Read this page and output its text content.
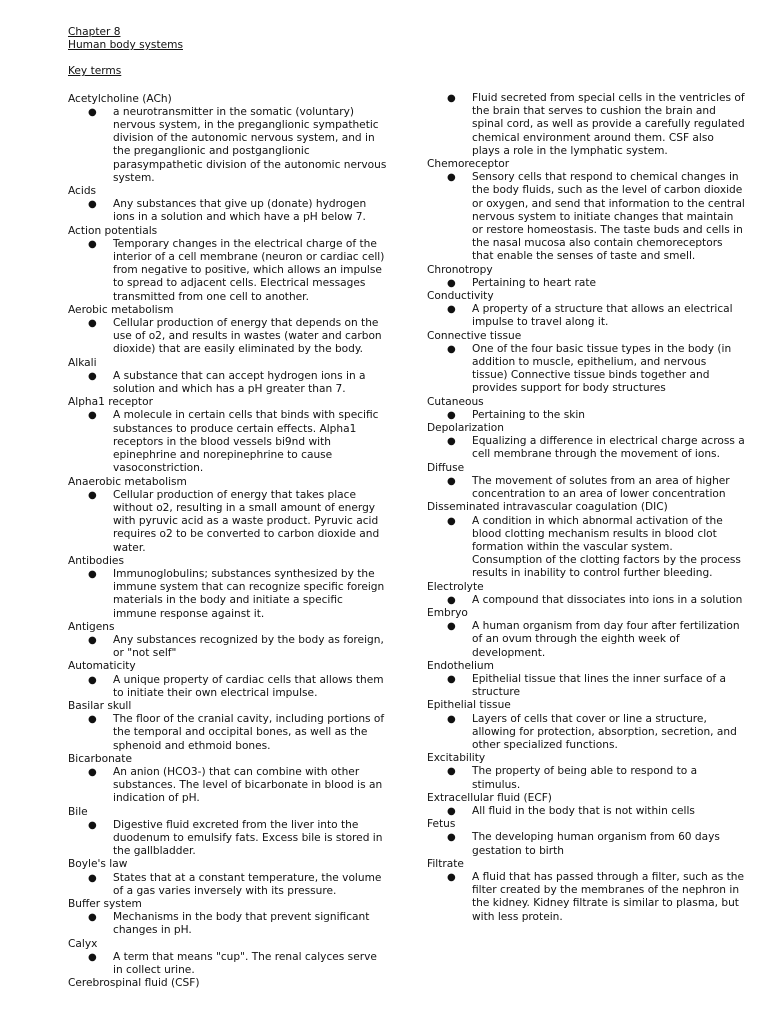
Chapter 8
Human body systems
Key terms
Acetylcholine (ACh)
● a neurotransmitter in the somatic (voluntary) nervous system, in the preganglionic sympathetic division of the autonomic nervous system, and in the preganglionic and postganglionic parasympathetic division of the autonomic nervous system.
Acids
● Any substances that give up (donate) hydrogen ions in a solution and which have a pH below 7.
Action potentials
● Temporary changes in the electrical charge of the interior of a cell membrane (neuron or cardiac cell) from negative to positive, which allows an impulse to spread to adjacent cells. Electrical messages transmitted from one cell to another.
Aerobic metabolism
● Cellular production of energy that depends on the use of o2, and results in wastes (water and carbon dioxide) that are easily eliminated by the body.
Alkali
● A substance that can accept hydrogen ions in a solution and which has a pH greater than 7.
Alpha1 receptor
● A molecule in certain cells that binds with specific substances to produce certain effects. Alpha1 receptors in the blood vessels bi9nd with epinephrine and norepinephrine to cause vasoconstriction.
Anaerobic metabolism
● Cellular production of energy that takes place without o2, resulting in a small amount of energy with pyruvic acid as a waste product. Pyruvic acid requires o2 to be converted to carbon dioxide and water.
Antibodies
● Immunoglobulins; substances synthesized by the immune system that can recognize specific foreign materials in the body and initiate a specific immune response against it.
Antigens
● Any substances recognized by the body as foreign, or "not self"
Automaticity
● A unique property of cardiac cells that allows them to initiate their own electrical impulse.
Basilar skull
● The floor of the cranial cavity, including portions of the temporal and occipital bones, as well as the sphenoid and ethmoid bones.
Bicarbonate
● An anion (HCO3-) that can combine with other substances. The level of bicarbonate in blood is an indication of pH.
Bile
● Digestive fluid excreted from the liver into the duodenum to emulsify fats. Excess bile is stored in the gallbladder.
Boyle's law
● States that at a constant temperature, the volume of a gas varies inversely with its pressure.
Buffer system
● Mechanisms in the body that prevent significant changes in pH.
Calyx
● A term that means "cup". The renal calyces serve in collect urine.
Cerebrospinal fluid (CSF)
● Fluid secreted from special cells in the ventricles of the brain that serves to cushion the brain and spinal cord, as well as provide a carefully regulated chemical environment around them. CSF also plays a role in the lymphatic system.
Chemoreceptor
● Sensory cells that respond to chemical changes in the body fluids, such as the level of carbon dioxide or oxygen, and send that information to the central nervous system to initiate changes that maintain or restore homeostasis. The taste buds and cells in the nasal mucosa also contain chemoreceptors that enable the senses of taste and smell.
Chronotropy
● Pertaining to heart rate
Conductivity
● A property of a structure that allows an electrical impulse to travel along it.
Connective tissue
● One of the four basic tissue types in the body (in addition to muscle, epithelium, and nervous tissue) Connective tissue binds together and provides support for body structures
Cutaneous
● Pertaining to the skin
Depolarization
● Equalizing a difference in electrical charge across a cell membrane through the movement of ions.
Diffuse
● The movement of solutes from an area of higher concentration to an area of lower concentration
Disseminated intravascular coagulation (DIC)
● A condition in which abnormal activation of the blood clotting mechanism results in blood clot formation within the vascular system. Consumption of the clotting factors by the process results in inability to control further bleeding.
Electrolyte
● A compound that dissociates into ions in a solution
Embryo
● A human organism from day four after fertilization of an ovum through the eighth week of development.
Endothelium
● Epithelial tissue that lines the inner surface of a structure
Epithelial tissue
● Layers of cells that cover or line a structure, allowing for protection, absorption, secretion, and other specialized functions.
Excitability
● The property of being able to respond to a stimulus.
Extracellular fluid (ECF)
● All fluid in the body that is not within cells
Fetus
● The developing human organism from 60 days gestation to birth
Filtrate
● A fluid that has passed through a filter, such as the filter created by the membranes of the nephron in the kidney. Kidney filtrate is similar to plasma, but with less protein.
